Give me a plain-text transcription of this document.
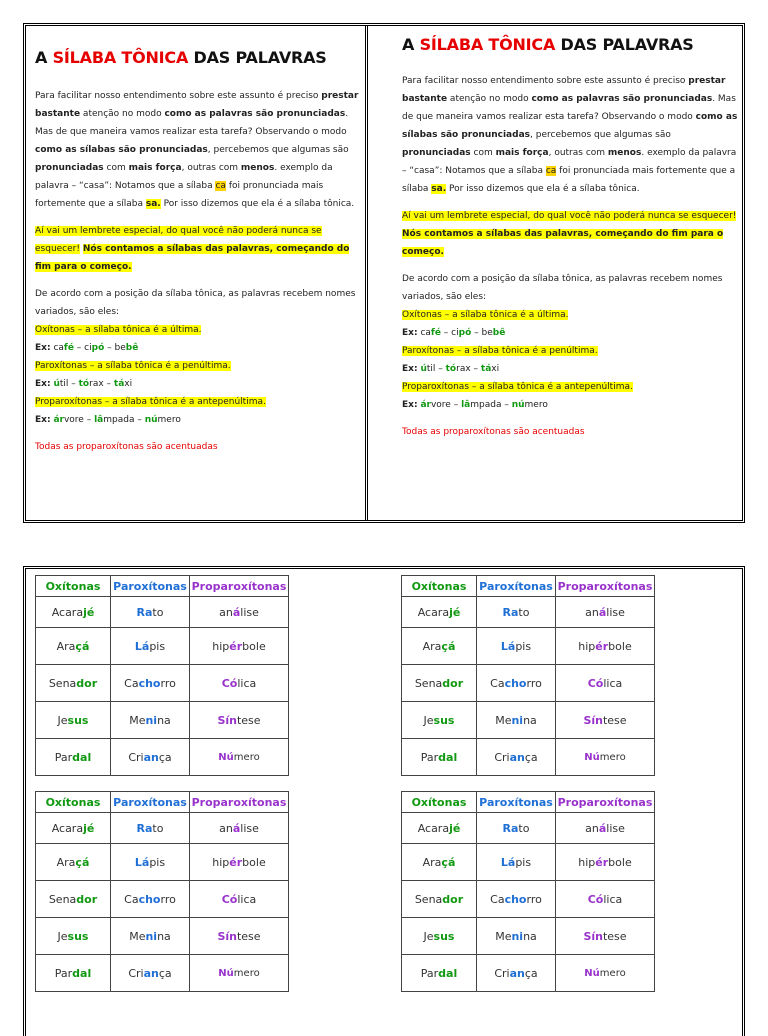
A SÍLABA TÔNICA DAS PALAVRAS

Para facilitar nosso entendimento sobre este assunto é preciso prestar bastante atenção no modo como as palavras são pronunciadas. Mas de que maneira vamos realizar esta tarefa? Observando o modo como as sílabas são pronunciadas, percebemos que algumas são pronunciadas com mais força, outras com menos. exemplo da palavra – “casa”: Notamos que a sílaba ca foi pronunciada mais fortemente que a sílaba sa. Por isso dizemos que ela é a sílaba tônica.

Aí vai um lembrete especial, do qual você não poderá nunca se esquecer! Nós contamos a sílabas das palavras, começando do fim para o começo.

De acordo com a posição da sílaba tônica, as palavras recebem nomes variados, são eles:

Oxítonas – a sílaba tônica é a última.

Ex: café – cipó – bebê

Paroxítonas – a sílaba tônica é a penúltima.

Ex: útil – tórax – táxi

Proparoxítonas – a sílaba tônica é a antepenúltima.

Ex: árvore – lâmpada – número

Todas as proparoxítonas são acentuadas

A SÍLABA TÔNICA DAS PALAVRAS

Para facilitar nosso entendimento sobre este assunto é preciso prestar bastante atenção no modo como as palavras são pronunciadas. Mas de que maneira vamos realizar esta tarefa? Observando o modo como as sílabas são pronunciadas, percebemos que algumas são pronunciadas com mais força, outras com menos. exemplo da palavra – “casa”: Notamos que a sílaba ca foi pronunciada mais fortemente que a sílaba sa. Por isso dizemos que ela é a sílaba tônica.

Aí vai um lembrete especial, do qual você não poderá nunca se esquecer! Nós contamos a sílabas das palavras, começando do fim para o começo.

De acordo com a posição da sílaba tônica, as palavras recebem nomes variados, são eles:

Oxítonas – a sílaba tônica é a última.

Ex: café – cipó – bebê

Paroxítonas – a sílaba tônica é a penúltima.

Ex: útil – tórax – táxi

Proparoxítonas – a sílaba tônica é a antepenúltima.

Ex: árvore – lâmpada – número

Todas as proparoxítonas são acentuadas

Oxítonas	Paroxítonas	Proparoxítonas
Acarajé	Rato	análise
Araçá	Lápis	hipérbole
Senador	Cachorro	Cólica
Jesus	Menina	Síntese
Pardal	Criança	Número
Oxítonas	Paroxítonas	Proparoxítonas
Acarajé	Rato	análise
Araçá	Lápis	hipérbole
Senador	Cachorro	Cólica
Jesus	Menina	Síntese
Pardal	Criança	Número
Oxítonas	Paroxítonas	Proparoxítonas
Acarajé	Rato	análise
Araçá	Lápis	hipérbole
Senador	Cachorro	Cólica
Jesus	Menina	Síntese
Pardal	Criança	Número
Oxítonas	Paroxítonas	Proparoxítonas
Acarajé	Rato	análise
Araçá	Lápis	hipérbole
Senador	Cachorro	Cólica
Jesus	Menina	Síntese
Pardal	Criança	Número
